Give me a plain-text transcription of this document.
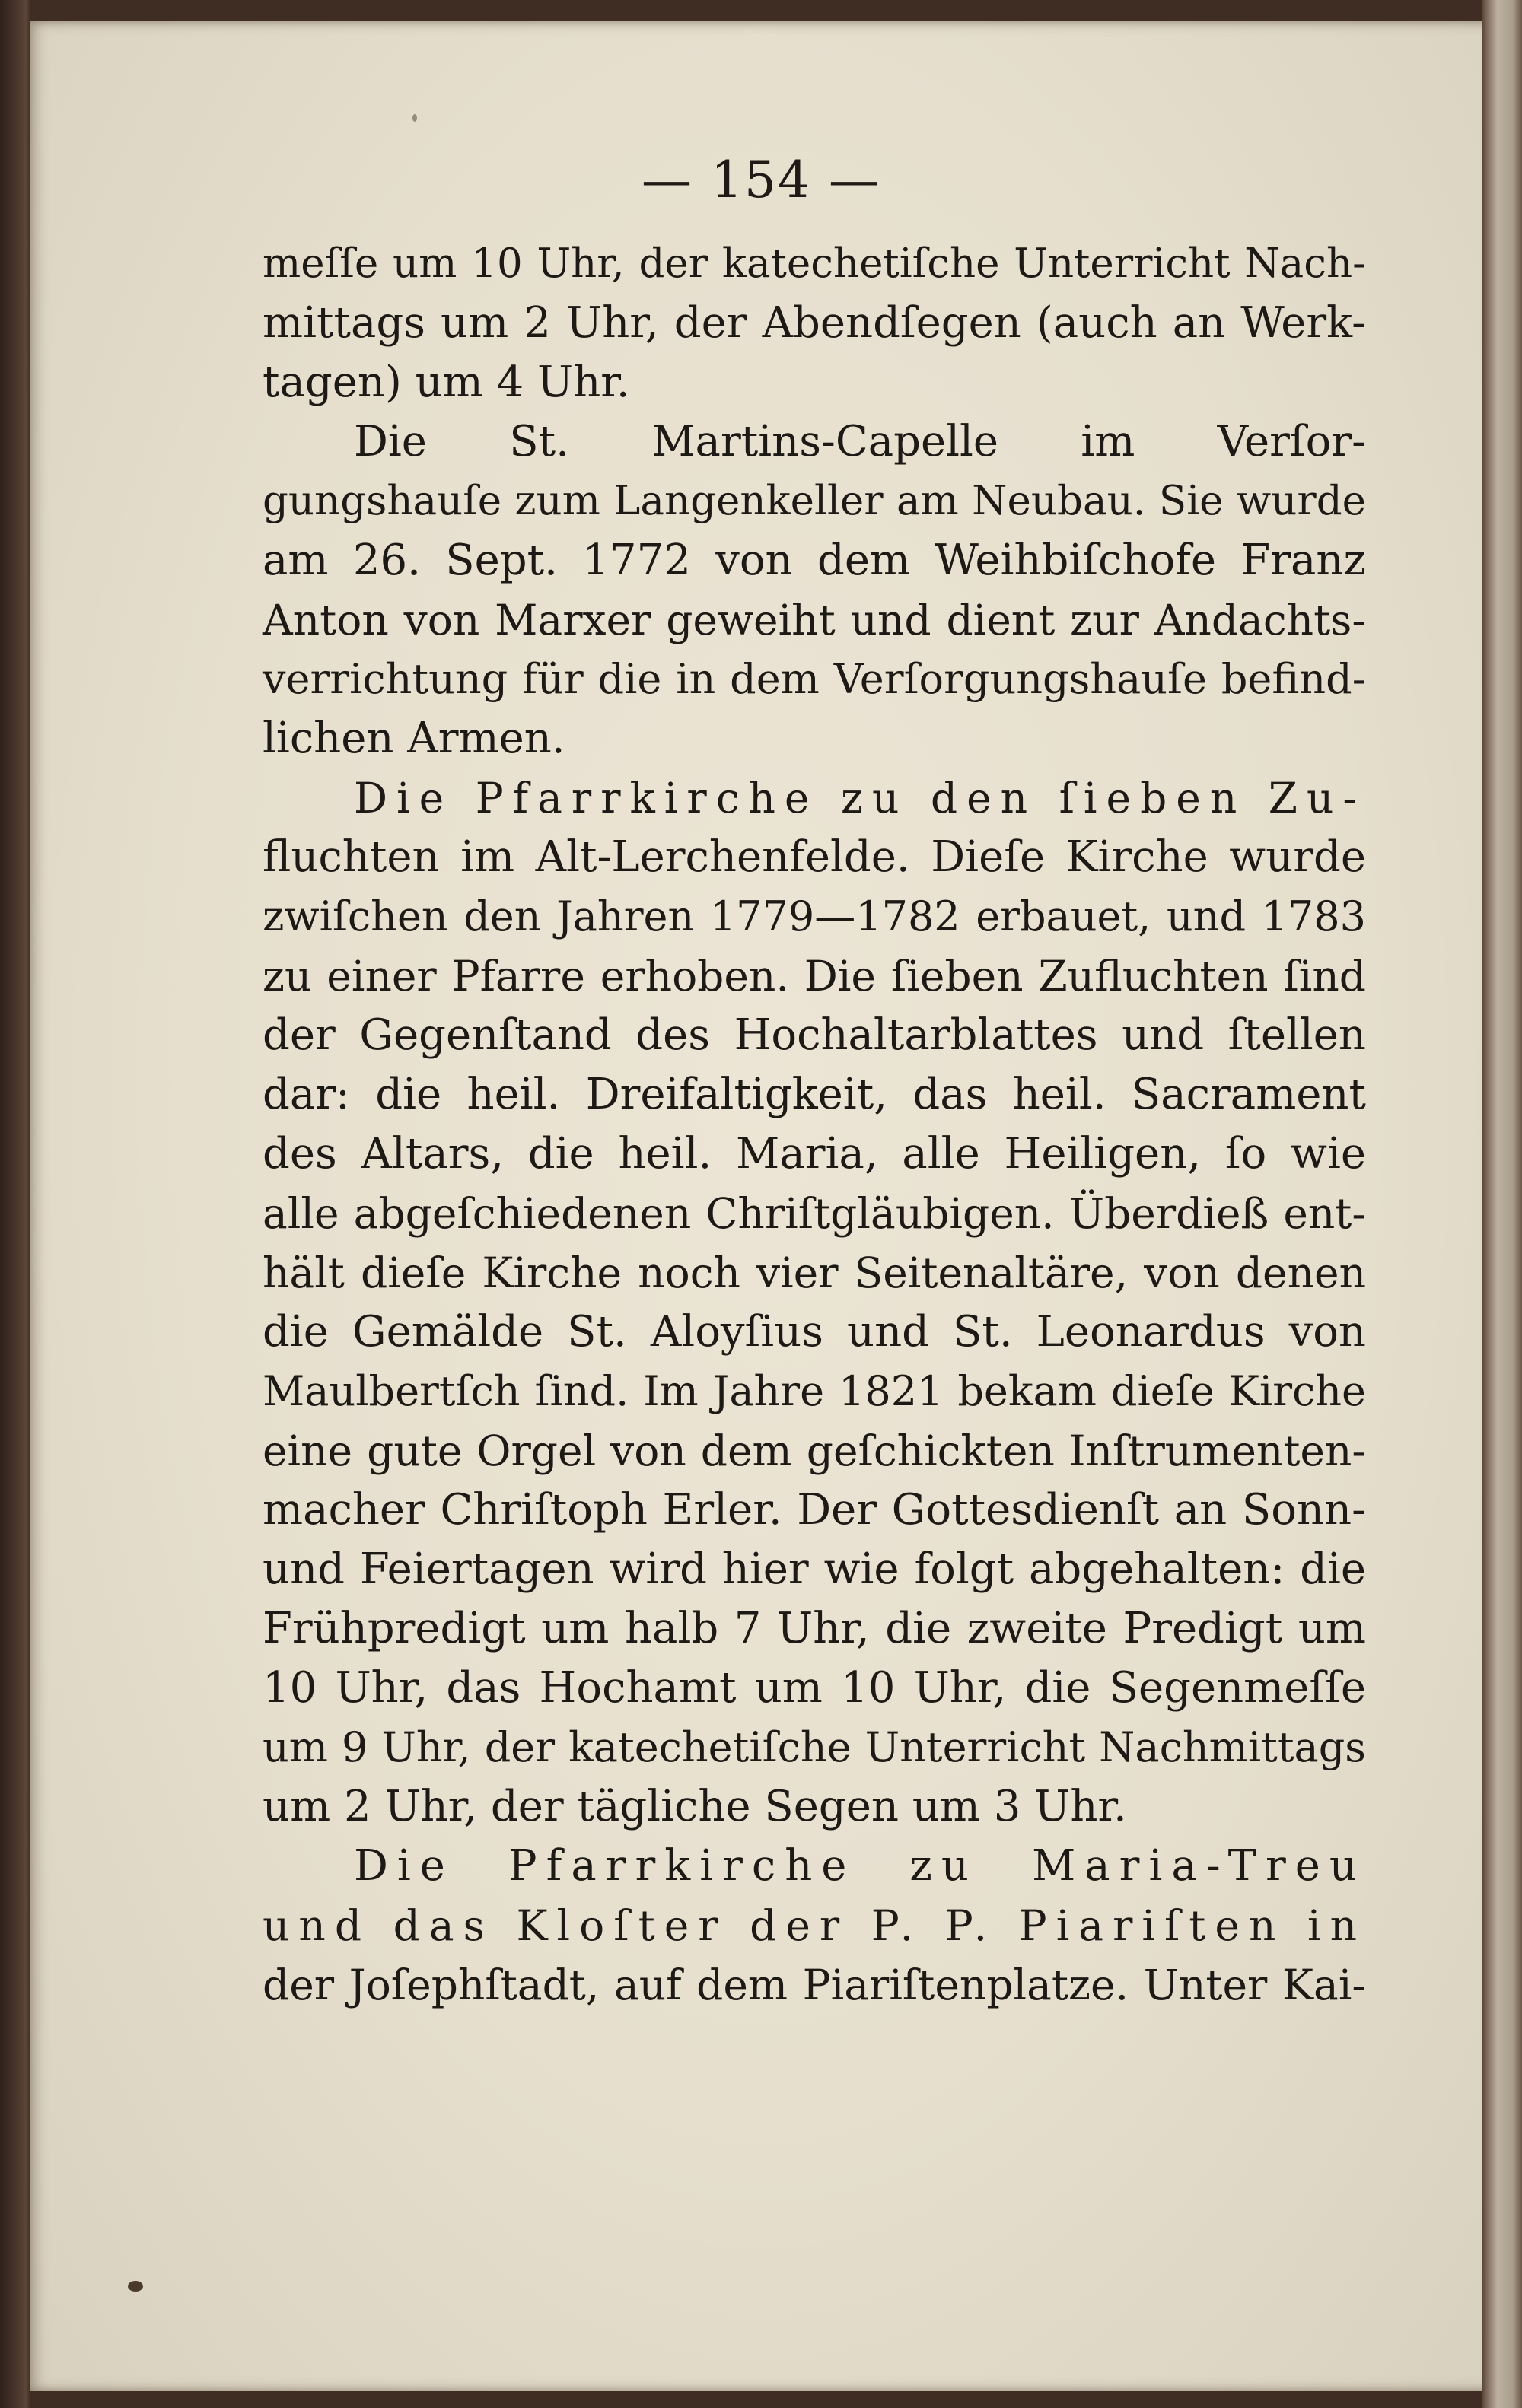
— 154 —
meſſe um 10 Uhr, der katechetiſche Unterricht Nach-
mittags um 2 Uhr, der Abendſegen (auch an Werk-
tagen) um 4 Uhr.
Die St. Martins-Capelle im Verſor-
gungshauſe zum Langenkeller am Neubau. Sie wurde
am 26. Sept. 1772 von dem Weihbiſchofe Franz
Anton von Marxer geweiht und dient zur Andachts-
verrichtung für die in dem Verſorgungshauſe befind-
lichen Armen.
Die Pfarrkirche zu den ſieben Zu-
fluchten im Alt-Lerchenfelde. Dieſe Kirche wurde
zwiſchen den Jahren 1779—1782 erbauet, und 1783
zu einer Pfarre erhoben. Die ſieben Zufluchten ſind
der Gegenſtand des Hochaltarblattes und ſtellen
dar: die heil. Dreifaltigkeit, das heil. Sacrament
des Altars, die heil. Maria, alle Heiligen, ſo wie
alle abgeſchiedenen Chriſtgläubigen. Überdieß ent-
hält dieſe Kirche noch vier Seitenaltäre, von denen
die Gemälde St. Aloyſius und St. Leonardus von
Maulbertſch ſind. Im Jahre 1821 bekam dieſe Kirche
eine gute Orgel von dem geſchickten Inſtrumenten-
macher Chriſtoph Erler. Der Gottesdienſt an Sonn-
und Feiertagen wird hier wie folgt abgehalten: die
Frühpredigt um halb 7 Uhr, die zweite Predigt um
10 Uhr, das Hochamt um 10 Uhr, die Segenmeſſe
um 9 Uhr, der katechetiſche Unterricht Nachmittags
um 2 Uhr, der tägliche Segen um 3 Uhr.
Die Pfarrkirche zu Maria-Treu
und das Kloſter der P. P. Piariſten in
der Joſephſtadt, auf dem Piariſtenplatze. Unter Kai-
